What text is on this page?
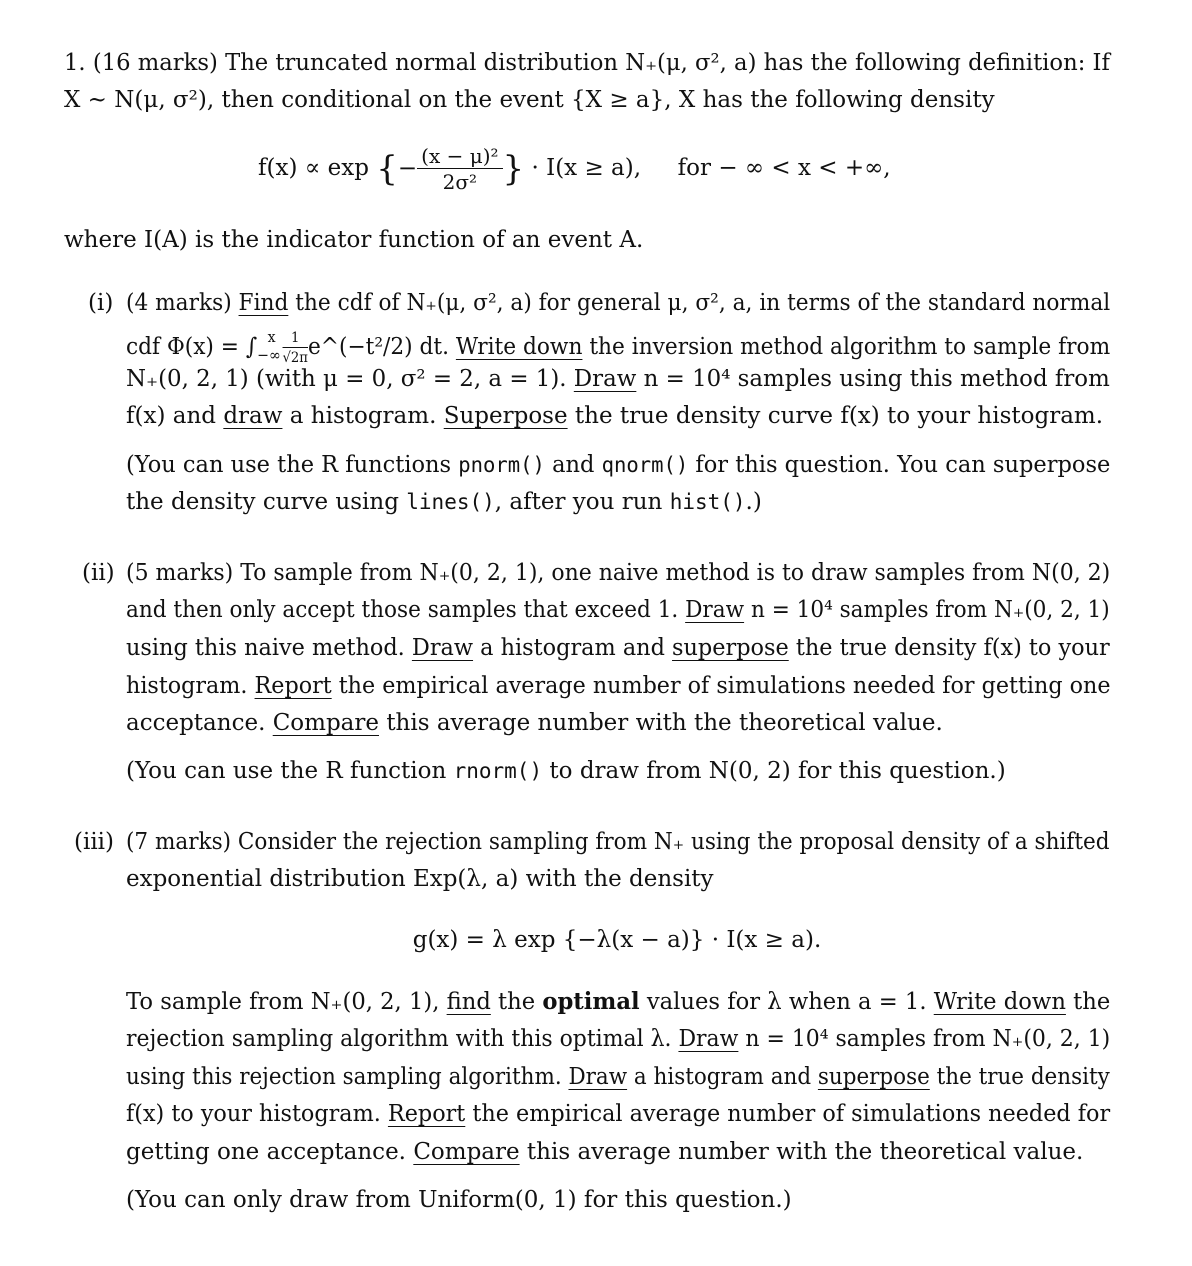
1. (16 marks) The truncated normal distribution N₊(μ, σ², a) has the following definition: If
X ~ N(μ, σ²), then conditional on the event {X ≥ a}, X has the following density
f(x) ∝ exp {− $\frac{\text{(x − μ)²}}{\text{2σ²}}$ } · I(x ≥ a), for − ∞ < x < +∞,
where I(A) is the indicator function of an event A.
(i) (4 marks) Find the cdf of N₊(μ, σ², a) for general μ, σ², a, in terms of the standard normal
cdf $\Phi(x) = \int_{-\infty}^x \frac{1}{√2\pi}$ e^(−t²/2) dt. Write down the inversion method algorithm to sample from
N₊(0, 2, 1) (with μ = 0, σ² = 2, a = 1). Draw n = 10⁴ samples using this method from
f(x) and draw a histogram. Superpose the true density curve f(x) to your histogram.
(You can use the R functions pnorm() and qnorm() for this question. You can superpose
the density curve using lines(), after you run hist().)
(ii) (5 marks) To sample from N₊(0, 2, 1), one naive method is to draw samples from N(0, 2)
and then only accept those samples that exceed 1. Draw n = 10⁴ samples from N₊(0, 2, 1)
using this naive method. Draw a histogram and superpose the true density f(x) to your
histogram. Report the empirical average number of simulations needed for getting one
acceptance. Compare this average number with the theoretical value.
(You can use the R function rnorm() to draw from N(0, 2) for this question.)
(iii) (7 marks) Consider the rejection sampling from N₊ using the proposal density of a shifted
exponential distribution Exp(λ, a) with the density
g(x) = λ exp {−λ(x − a)} · I(x ≥ a).
To sample from N₊(0, 2, 1), find the optimal values for λ when a = 1. Write down the
rejection sampling algorithm with this optimal λ. Draw n = 10⁴ samples from N₊(0, 2, 1)
using this rejection sampling algorithm. Draw a histogram and superpose the true density
f(x) to your histogram. Report the empirical average number of simulations needed for
getting one acceptance. Compare this average number with the theoretical value.
(You can only draw from Uniform(0, 1) for this question.)
